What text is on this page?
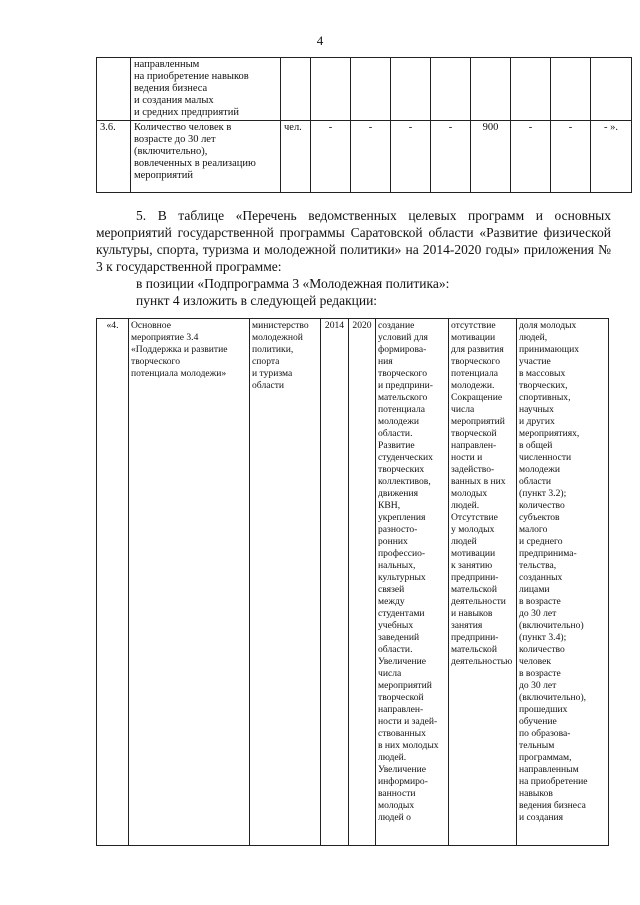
4
	направленным
на приобретение навыков
ведения бизнеса
и создания малых
и средних предприятий									
3.6.	Количество человек в
возрасте до 30 лет
(включительно),
вовлеченных в реализацию
мероприятий	чел.	-	-	-	-	900	-	-	- ».
5. В таблице «Перечень ведомственных целевых программ и основных мероприятий государственной программы Саратовской области «Развитие физической культуры, спорта, туризма и молодежной политики» на 2014-2020 годы» приложения № 3 к государственной программе:
в позиции «Подпрограмма 3 «Молодежная политика»:
пункт 4 изложить в следующей редакции:
«4.	Основное
мероприятие 3.4
«Поддержка и развитие
творческого
потенциала молодежи»	министерство
молодежной
политики,
спорта
и туризма
области	2014	2020	создание
условий для
формирова-
ния
творческого
и предприни-
мательского
потенциала
молодежи
области.
Развитие
студенческих
творческих
коллективов,
движения
КВН,
укрепления
разносто-
ронних
профессио-
нальных,
культурных
связей
между
студентами
учебных
заведений
области.
Увеличение
числа
мероприятий
творческой
направлен-
ности и задей-
ствованных
в них молодых
людей.
Увеличение
информиро-
ванности
молодых
людей о	отсутствие
мотивации
для развития
творческого
потенциала
молодежи.
Сокращение
числа
мероприятий
творческой
направлен-
ности и
задейство-
ванных в них
молодых
людей.
Отсутствие
у молодых
людей
мотивации
к занятию
предприни-
мательской
деятельности
и навыков
занятия
предприни-
мательской
деятельностью	доля молодых
людей,
принимающих
участие
в массовых
творческих,
спортивных,
научных
и других
мероприятиях,
в общей
численности
молодежи
области
(пункт 3.2);
количество
субъектов
малого
и среднего
предпринима-
тельства,
созданных
лицами
в возрасте
до 30 лет
(включительно)
(пункт 3.4);
количество
человек
в возрасте
до 30 лет
(включительно),
прошедших
обучение
по образова-
тельным
программам,
направленным
на приобретение
навыков
ведения бизнеса
и создания
